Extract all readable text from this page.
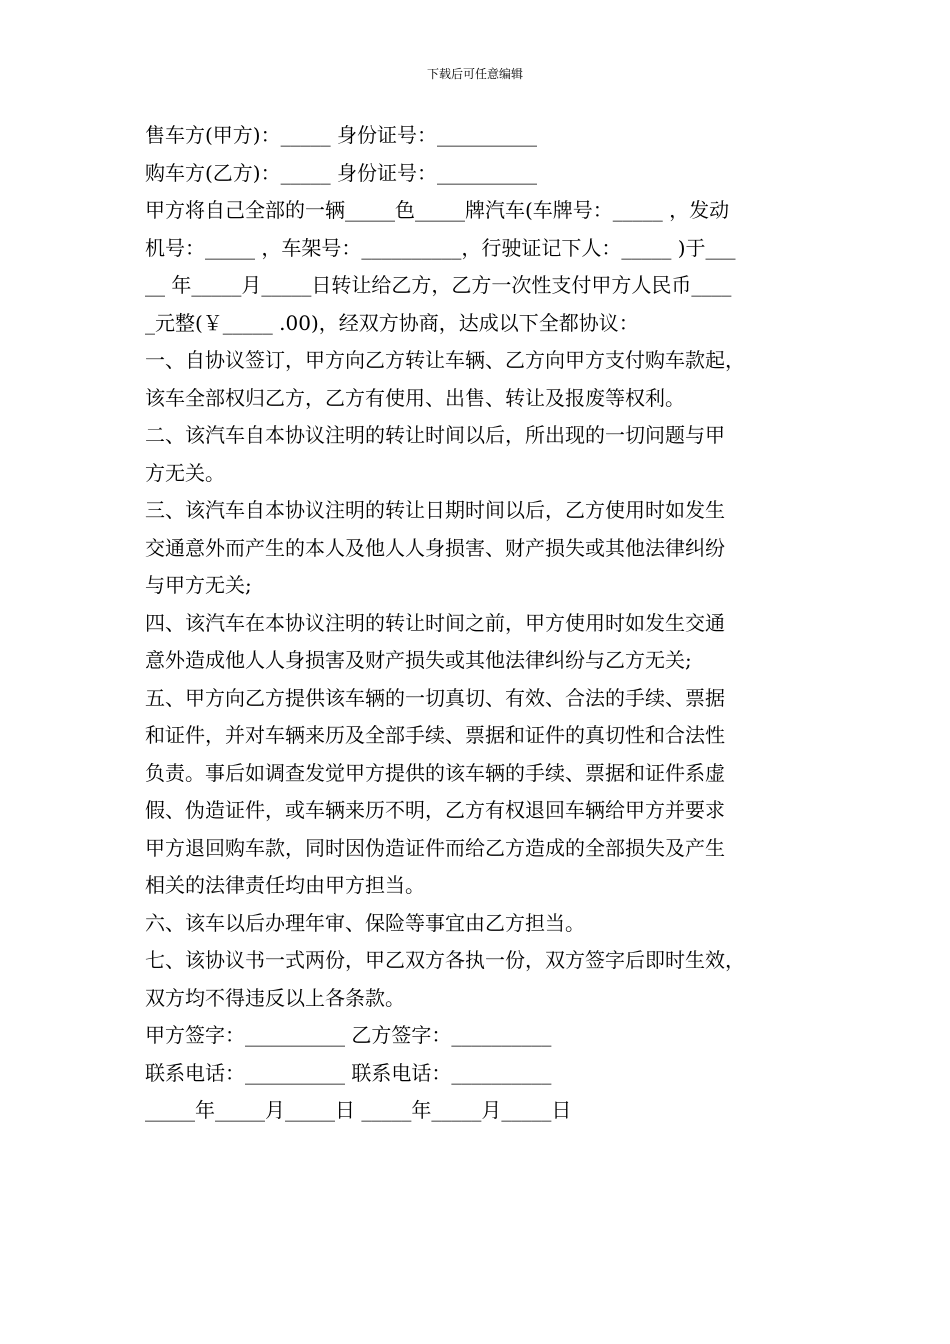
下载后可任意编辑
售车方(甲方)：_____ 身份证号：__________
购车方(乙方)：_____ 身份证号：__________
甲方将自己全部的一辆_____色_____牌汽车(车牌号：_____ ，发动
机号：_____ ，车架号：__________，行驶证记下人：_____ )于___
__ 年_____月_____日转让给乙方，乙方一次性支付甲方人民币____
_元整(￥_____ .00)，经双方协商，达成以下全都协议：
一、自协议签订，甲方向乙方转让车辆、乙方向甲方支付购车款起，
该车全部权归乙方，乙方有使用、出售、转让及报废等权利。
二、该汽车自本协议注明的转让时间以后，所出现的一切问题与甲
方无关。
三、该汽车自本协议注明的转让日期时间以后，乙方使用时如发生
交通意外而产生的本人及他人人身损害、财产损失或其他法律纠纷
与甲方无关;
四、该汽车在本协议注明的转让时间之前，甲方使用时如发生交通
意外造成他人人身损害及财产损失或其他法律纠纷与乙方无关;
五、甲方向乙方提供该车辆的一切真切、有效、合法的手续、票据
和证件，并对车辆来历及全部手续、票据和证件的真切性和合法性
负责。事后如调查发觉甲方提供的该车辆的手续、票据和证件系虚
假、伪造证件，或车辆来历不明，乙方有权退回车辆给甲方并要求
甲方退回购车款，同时因伪造证件而给乙方造成的全部损失及产生
相关的法律责任均由甲方担当。
六、该车以后办理年审、保险等事宜由乙方担当。
七、该协议书一式两份，甲乙双方各执一份，双方签字后即时生效，
双方均不得违反以上各条款。
甲方签字：__________ 乙方签字：__________
联系电话：__________ 联系电话：__________
_____年_____月_____日 _____年_____月_____日
